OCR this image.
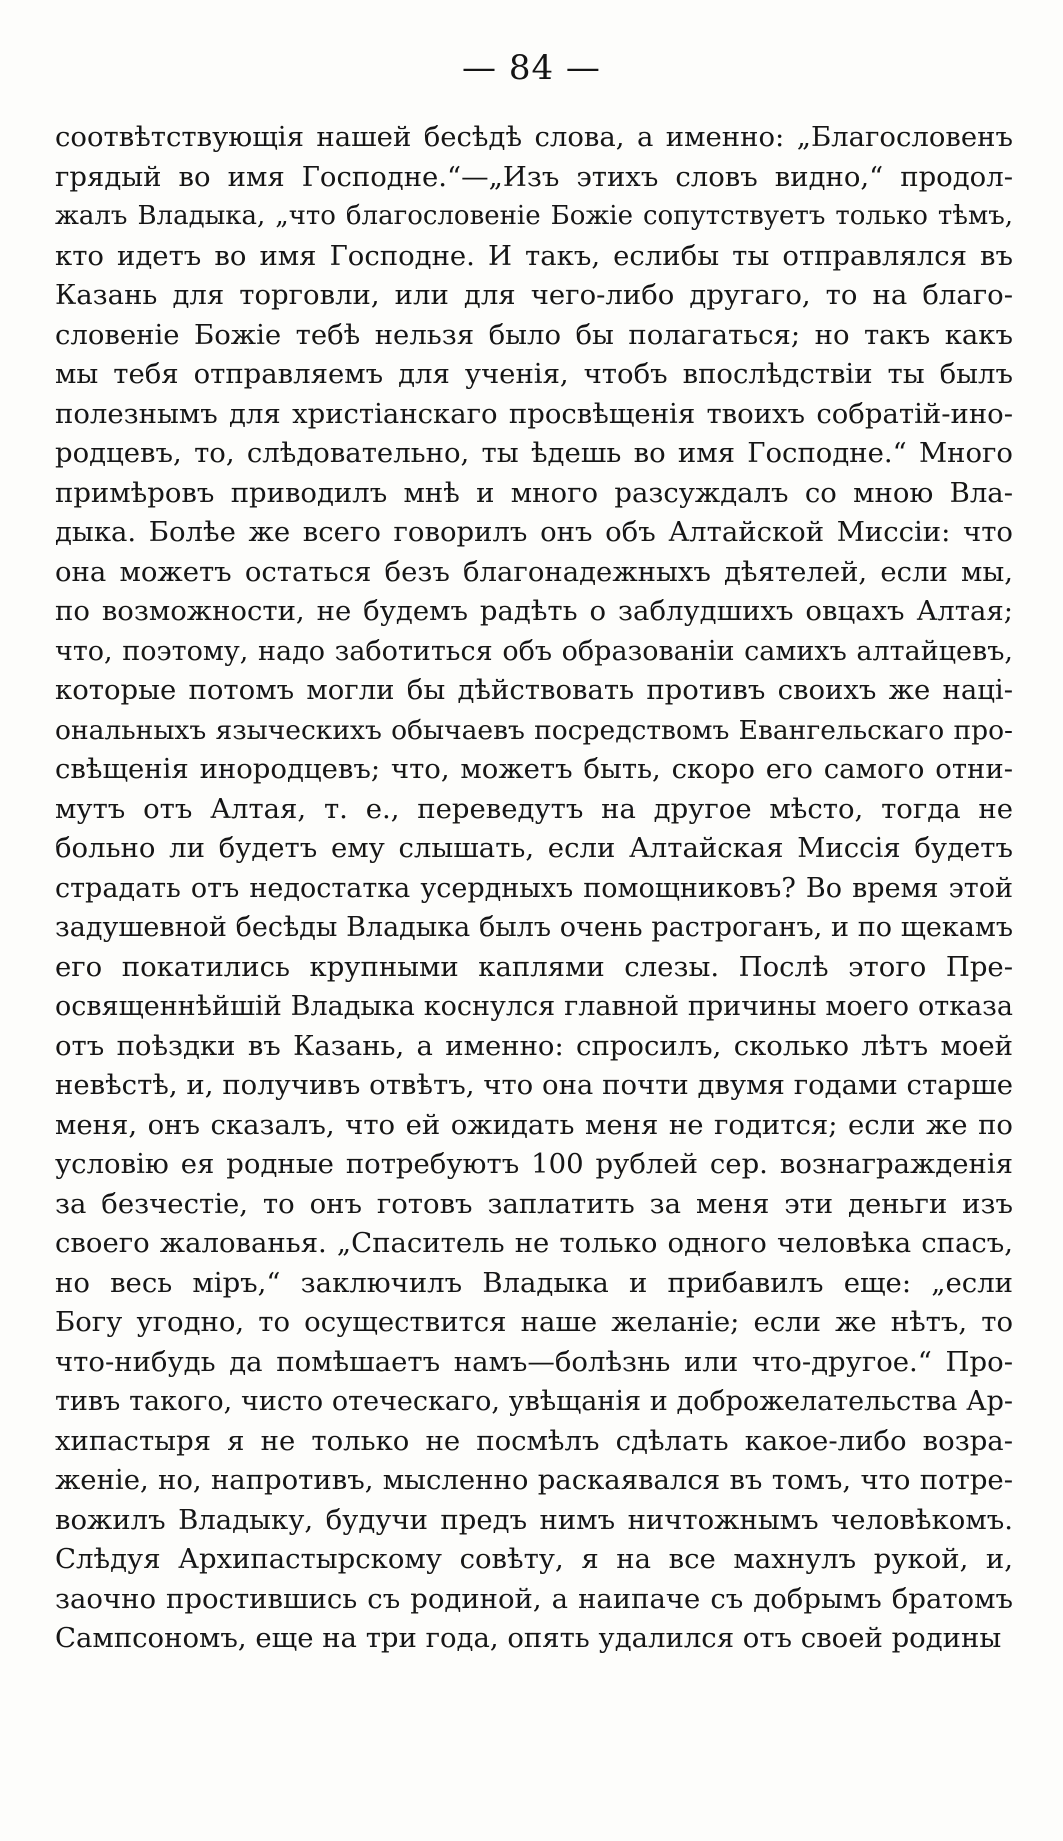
— 84 —
соотвѣтствующія нашей бесѣдѣ слова, а именно: „Благословенъ
грядый во имя Господне.“—„Изъ этихъ словъ видно,“ продол-
жалъ Владыка, „что благословеніе Божіе сопутствуетъ только тѣмъ,
кто идетъ во имя Господне. И такъ, еслибы ты отправлялся въ
Казань для торговли, или для чего-либо другаго, то на благо-
словеніе Божіе тебѣ нельзя было бы полагаться; но такъ какъ
мы тебя отправляемъ для ученія, чтобъ впослѣдствіи ты былъ
полезнымъ для христіанскаго просвѣщенія твоихъ собратій-ино-
родцевъ, то, слѣдовательно, ты ѣдешь во имя Господне.“ Много
примѣровъ приводилъ мнѣ и много разсуждалъ со мною Вла-
дыка. Болѣе же всего говорилъ онъ объ Алтайской Миссіи: что
она можетъ остаться безъ благонадежныхъ дѣятелей, если мы,
по возможности, не будемъ радѣть о заблудшихъ овцахъ Алтая;
что, поэтому, надо заботиться объ образованіи самихъ алтайцевъ,
которые потомъ могли бы дѣйствовать противъ своихъ же наці-
ональныхъ языческихъ обычаевъ посредствомъ Евангельскаго про-
свѣщенія инородцевъ; что, можетъ быть, скоро его самого отни-
мутъ отъ Алтая, т. е., переведутъ на другое мѣсто, тогда не
больно ли будетъ ему слышать, если Алтайская Миссія будетъ
страдать отъ недостатка усердныхъ помощниковъ? Во время этой
задушевной бесѣды Владыка былъ очень растроганъ, и по щекамъ
его покатились крупными каплями слезы. Послѣ этого Пре-
освященнѣйшій Владыка коснулся главной причины моего отказа
отъ поѣздки въ Казань, а именно: спросилъ, сколько лѣтъ моей
невѣстѣ, и, получивъ отвѣтъ, что она почти двумя годами старше
меня, онъ сказалъ, что ей ожидать меня не годится; если же по
условію ея родные потребуютъ 100 рублей сер. вознагражденія
за безчестіе, то онъ готовъ заплатить за меня эти деньги изъ
своего жалованья. „Спаситель не только одного человѣка спасъ,
но весь міръ,“ заключилъ Владыка и прибавилъ еще: „если
Богу угодно, то осуществится наше желаніе; если же нѣтъ, то
что-нибудь да помѣшаетъ намъ—болѣзнь или что-другое.“ Про-
тивъ такого, чисто отеческаго, увѣщанія и доброжелательства Ар-
хипастыря я не только не посмѣлъ сдѣлать какое-либо возра-
женіе, но, напротивъ, мысленно раскаявался въ томъ, что потре-
вожилъ Владыку, будучи предъ нимъ ничтожнымъ человѣкомъ.
Слѣдуя Архипастырскому совѣту, я на все махнулъ рукой, и,
заочно простившись съ родиной, а наипаче съ добрымъ братомъ
Сампсономъ, еще на три года, опять удалился отъ своей родины
